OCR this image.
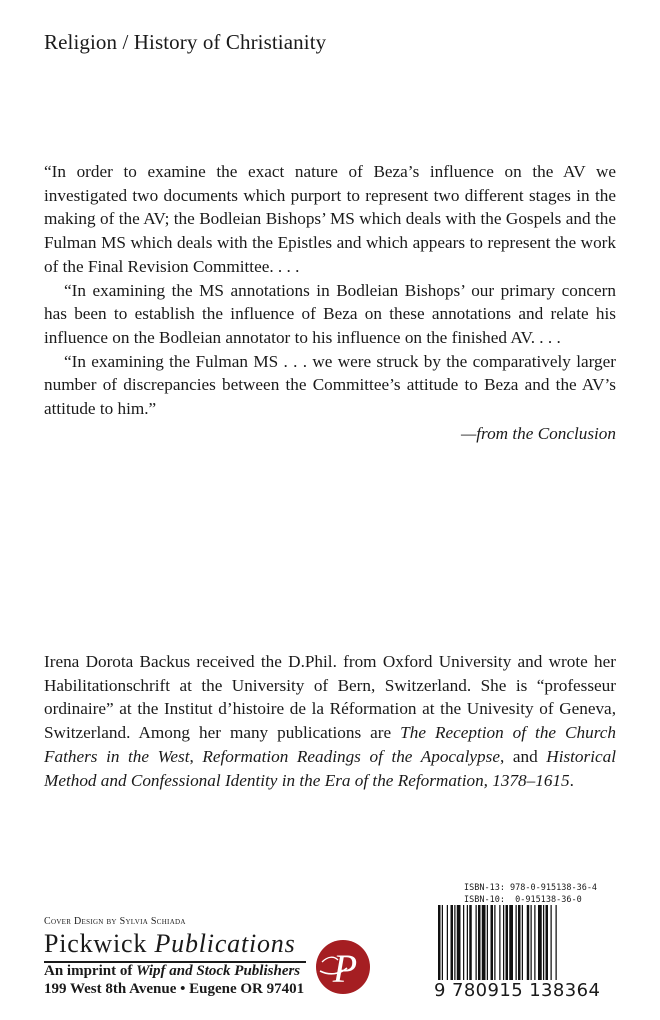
Religion / History of Christianity

“In order to examine the exact nature of Beza’s influence on the AV we investigated two documents which purport to represent two different stages in the making of the AV; the Bodleian Bishops’ MS which deals with the Gospels and the Fulman MS which deals with the Epistles and which appears to represent the work of the Final Revision Committee. . . .

“In examining the MS annotations in Bodleian Bishops’ our primary concern has been to establish the influence of Beza on these annotations and relate his influence on the Bodleian annotator to his influence on the finished AV. . . .

“In examining the Fulman MS . . . we were struck by the comparatively larger number of discrepancies between the Committee’s attitude to Beza and the AV’s attitude to him.”

—from the Conclusion

Irena Dorota Backus received the D.Phil. from Oxford University and wrote her Habilitationschrift at the University of Bern, Switzerland. She is “professeur ordinaire” at the Institut d’histoire de la Réformation at the Univesity of Geneva, Switzerland. Among her many publications are The Reception of the Church Fathers in the West, Reformation Readings of the Apocalypse, and Historical Method and Confessional Identity in the Era of the Reformation, 1378–1615.

Cover Design by Sylvia Schiada
Pickwick Publications
An imprint of Wipf and Stock Publishers
199 West 8th Avenue • Eugene OR 97401 P
ISBN-13: 978-0-915138-36-4
ISBN-10:  0-915138-36-0
9 780915 138364
